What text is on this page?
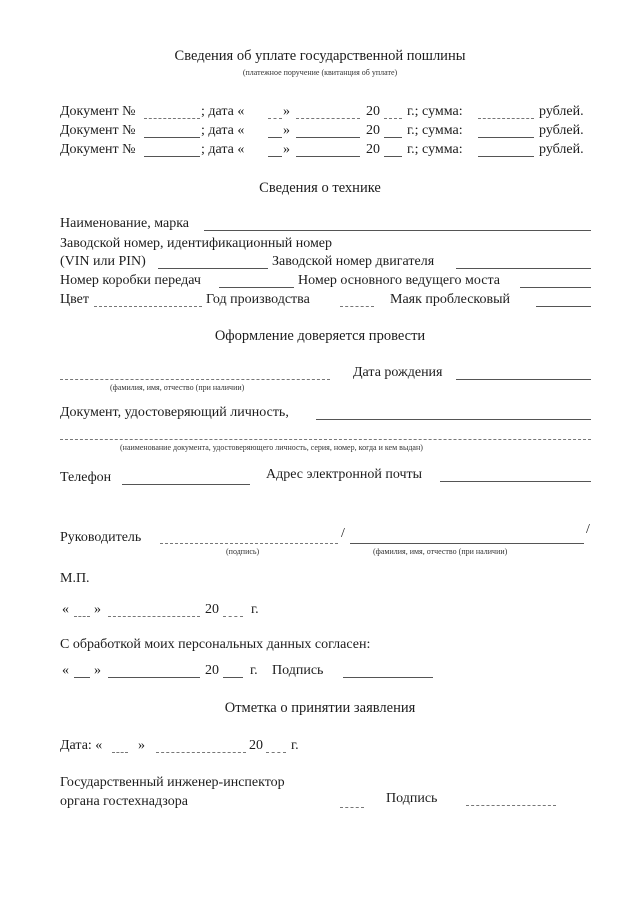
Сведения об уплате государственной пошлины
(платежное поручение (квитанция об уплате)
Документ №	; дата «	»	20 г.; сумма:	рублей.
Документ №	; дата «	»	20 г.; сумма:	рублей.
Документ №	; дата «	»	20 г.; сумма:	рублей.
Сведения о технике
Наименование, марка
Заводской номер, идентификационный номер
(VIN или PIN)	Заводской номер двигателя
Номер коробки передач	Номер основного ведущего моста
Цвет	Год производства	Маяк проблесковый
Оформление доверяется провести
(фамилия, имя, отчество (при наличии)
Дата рождения
Документ, удостоверяющий личность,
(наименование документа, удостоверяющего личность, серия, номер, когда и кем выдан)
Телефон	Адрес электронной почты
Руководитель	/	/
(подпись)	(фамилия, имя, отчество (при наличии)
М.П.
« »	20 г.
С обработкой моих персональных данных согласен:
« »	20 г. Подпись
Отметка о принятии заявления
Дата: «	»	20 г.
Государственный инженер-инспектор
органа гостехнадзора	Подпись
